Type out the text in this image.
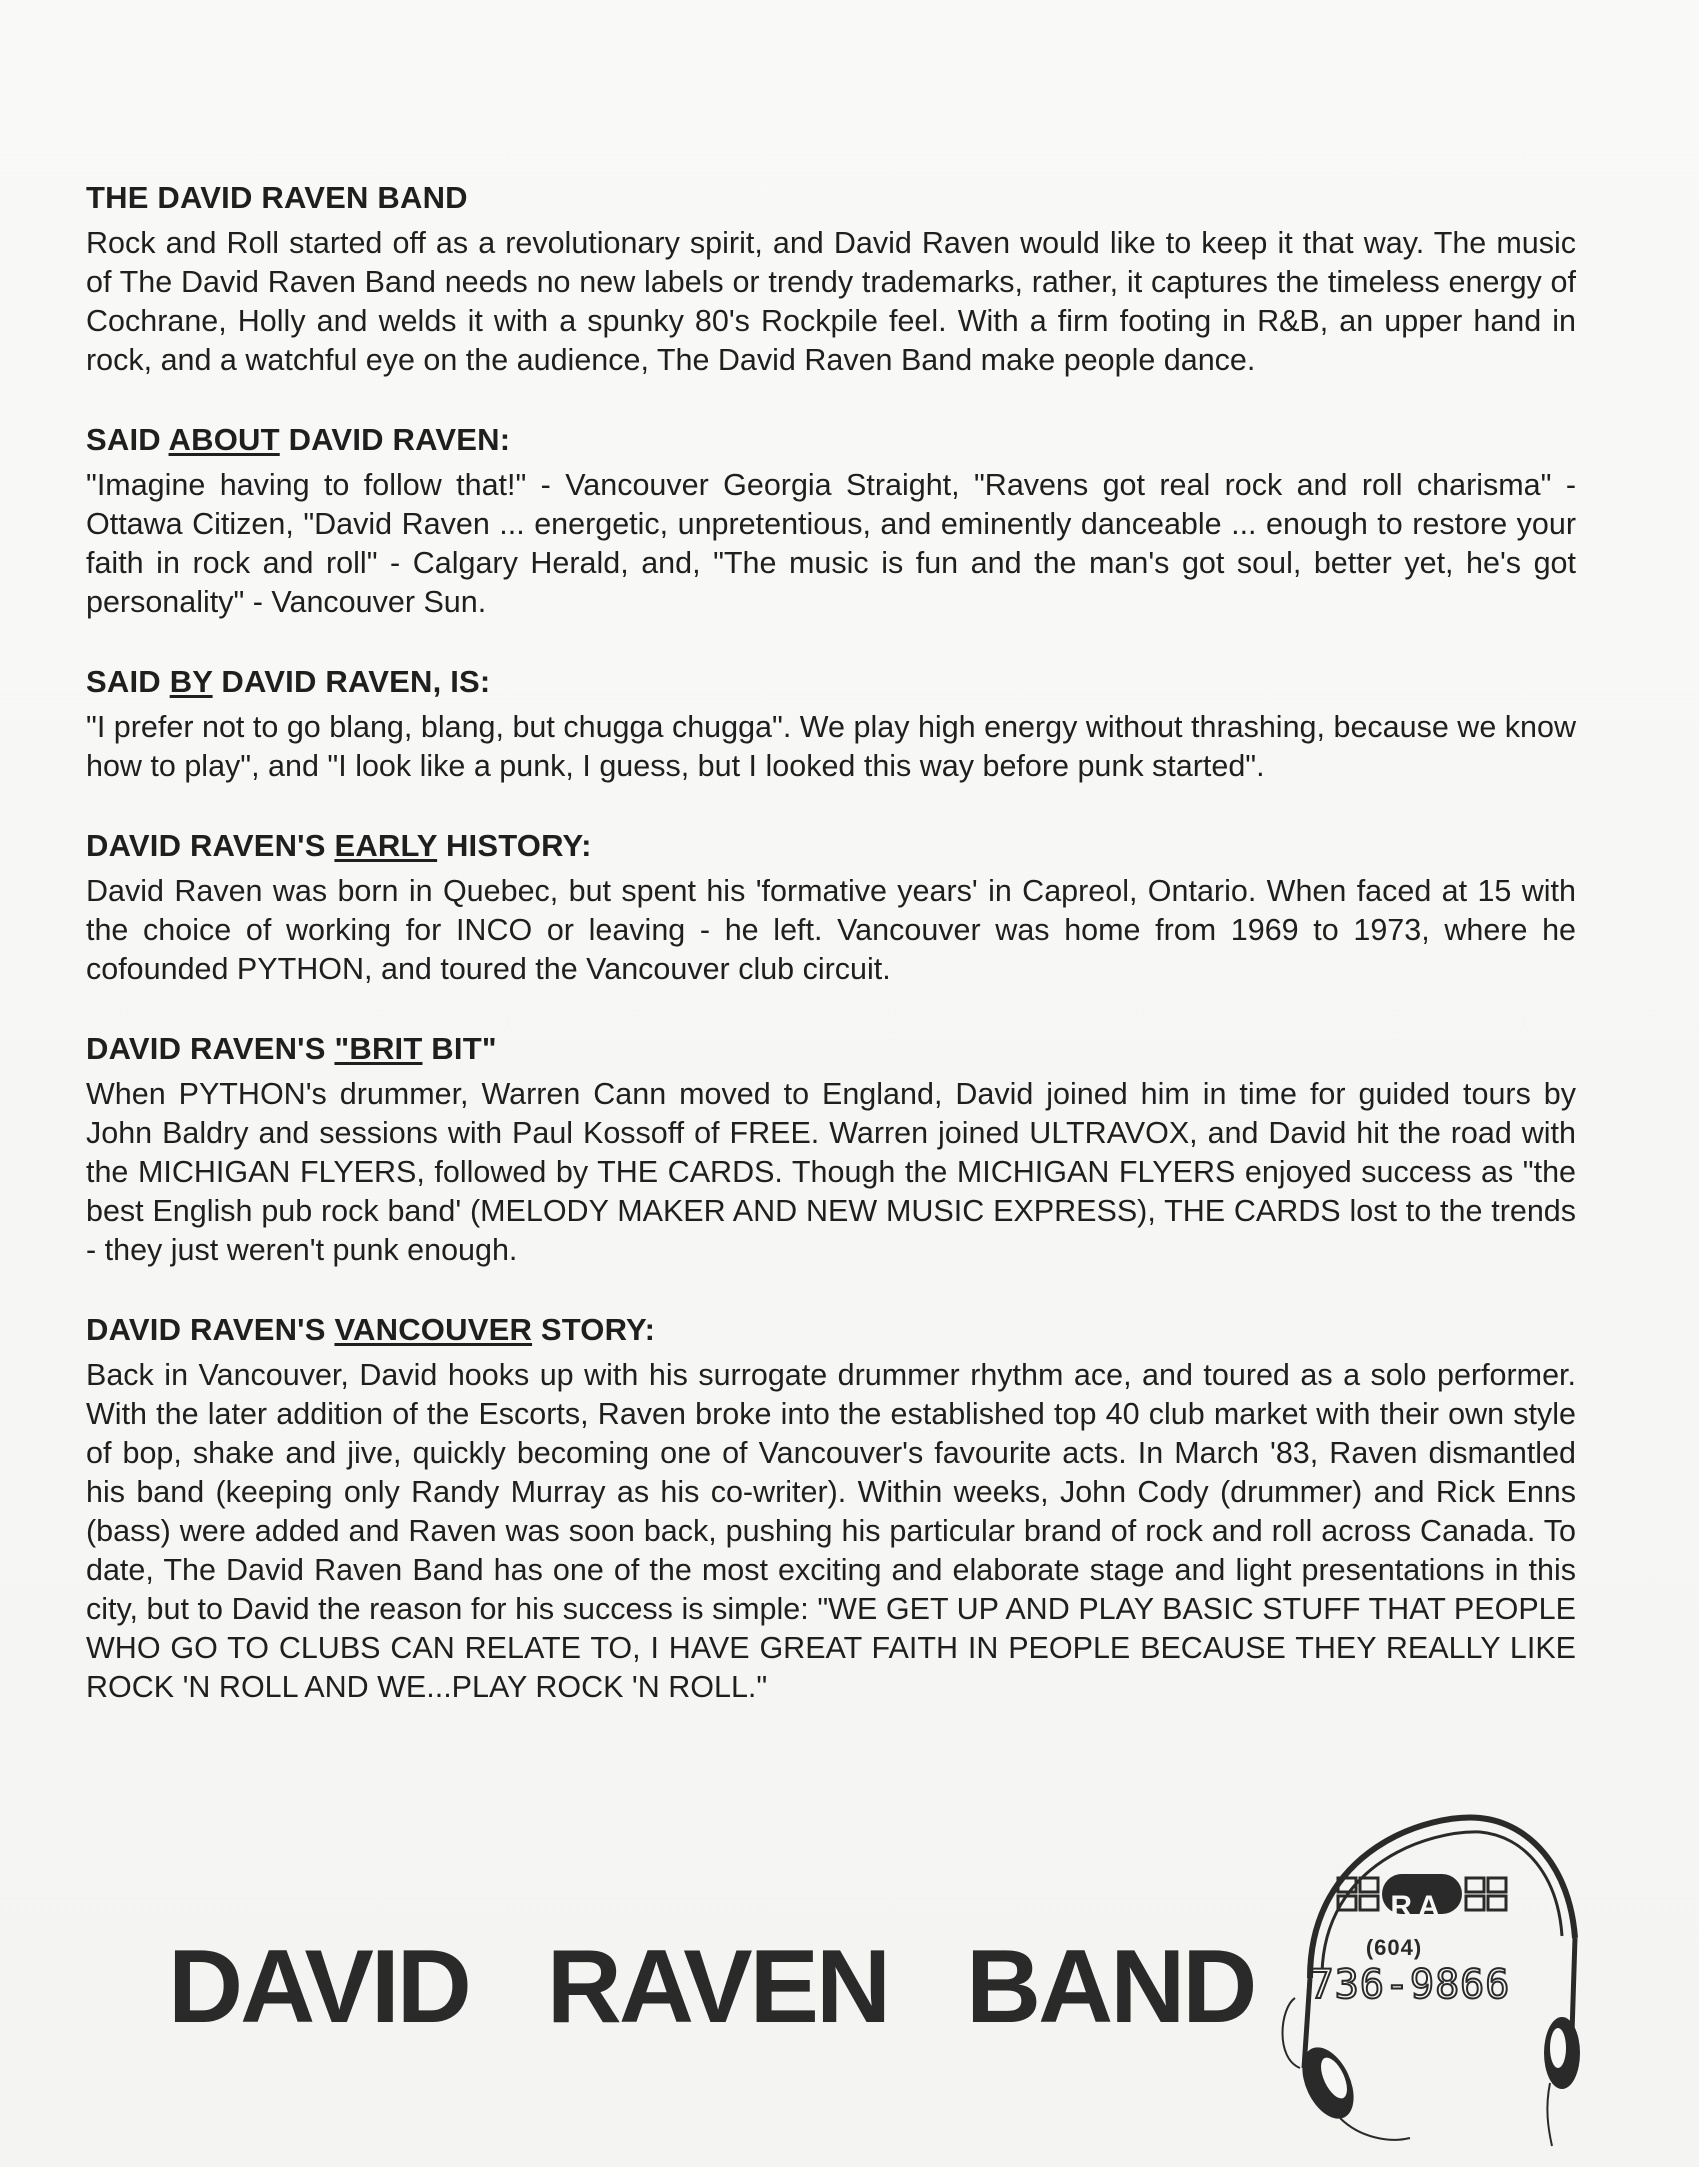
THE DAVID RAVEN BAND

Rock and Roll started off as a revolutionary spirit, and David Raven would like to keep it that way. The music of The David Raven Band needs no new labels or trendy trademarks, rather, it captures the timeless energy of Cochrane, Holly and welds it with a spunky 80's Rockpile feel. With a firm footing in R&B, an upper hand in rock, and a watchful eye on the audience, The David Raven Band make people dance.

SAID ABOUT DAVID RAVEN:

"Imagine having to follow that!" - Vancouver Georgia Straight, "Ravens got real rock and roll charisma" - Ottawa Citizen, "David Raven ... energetic, unpretentious, and eminently danceable ... enough to restore your faith in rock and roll" - Calgary Herald, and, "The music is fun and the man's got soul, better yet, he's got personality" - Vancouver Sun.

SAID BY DAVID RAVEN, IS:

"I prefer not to go blang, blang, but chugga chugga". We play high energy without thrashing, because we know how to play", and "I look like a punk, I guess, but I looked this way before punk started".

DAVID RAVEN'S EARLY HISTORY:

David Raven was born in Quebec, but spent his 'formative years' in Capreol, Ontario. When faced at 15 with the choice of working for INCO or leaving - he left. Vancouver was home from 1969 to 1973, where he cofounded PYTHON, and toured the Vancouver club circuit.

DAVID RAVEN'S "BRIT BIT"

When PYTHON's drummer, Warren Cann moved to England, David joined him in time for guided tours by John Baldry and sessions with Paul Kossoff of FREE. Warren joined ULTRAVOX, and David hit the road with the MICHIGAN FLYERS, followed by THE CARDS. Though the MICHIGAN FLYERS enjoyed success as "the best English pub rock band' (MELODY MAKER AND NEW MUSIC EXPRESS), THE CARDS lost to the trends - they just weren't punk enough.

DAVID RAVEN'S VANCOUVER STORY:

Back in Vancouver, David hooks up with his surrogate drummer rhythm ace, and toured as a solo performer. With the later addition of the Escorts, Raven broke into the established top 40 club market with their own style of bop, shake and jive, quickly becoming one of Vancouver's favourite acts. In March '83, Raven dismantled his band (keeping only Randy Murray as his co-writer). Within weeks, John Cody (drummer) and Rick Enns (bass) were added and Raven was soon back, pushing his particular brand of rock and roll across Canada. To date, The David Raven Band has one of the most exciting and elaborate stage and light presentations in this city, but to David the reason for his success is simple: "WE GET UP AND PLAY BASIC STUFF THAT PEOPLE WHO GO TO CLUBS CAN RELATE TO, I HAVE GREAT FAITH IN PEOPLE BECAUSE THEY REALLY LIKE ROCK 'N ROLL AND WE...PLAY ROCK 'N ROLL."

DAVID RAVEN BAND
RA
(604)
736-9866
